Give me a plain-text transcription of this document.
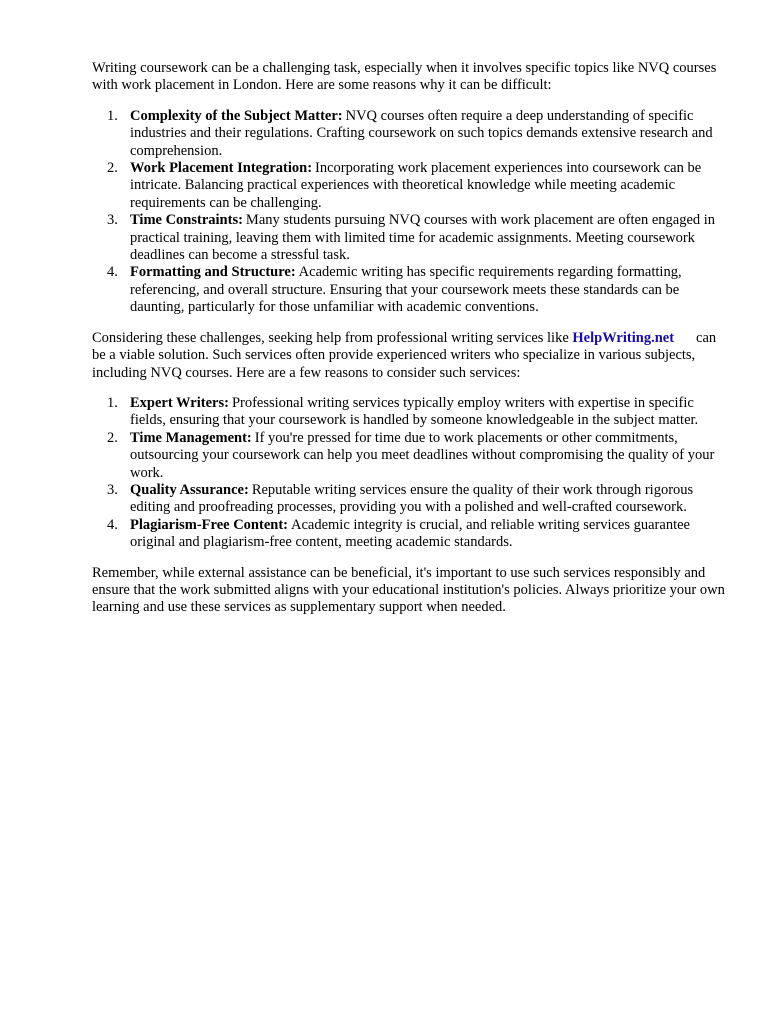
Writing coursework can be a challenging task, especially when it involves specific topics like NVQ courses with work placement in London. Here are some reasons why it can be difficult:

1. Complexity of the Subject Matter: NVQ courses often require a deep understanding of specific industries and their regulations. Crafting coursework on such topics demands extensive research and comprehension.
2. Work Placement Integration: Incorporating work placement experiences into coursework can be intricate. Balancing practical experiences with theoretical knowledge while meeting academic requirements can be challenging.
3. Time Constraints: Many students pursuing NVQ courses with work placement are often engaged in practical training, leaving them with limited time for academic assignments. Meeting coursework deadlines can become a stressful task.
4. Formatting and Structure: Academic writing has specific requirements regarding formatting, referencing, and overall structure. Ensuring that your coursework meets these standards can be daunting, particularly for those unfamiliar with academic conventions.

Considering these challenges, seeking help from professional writing services like HelpWriting.net can be a viable solution. Such services often provide experienced writers who specialize in various subjects, including NVQ courses. Here are a few reasons to consider such services:

1. Expert Writers: Professional writing services typically employ writers with expertise in specific fields, ensuring that your coursework is handled by someone knowledgeable in the subject matter.
2. Time Management: If you're pressed for time due to work placements or other commitments, outsourcing your coursework can help you meet deadlines without compromising the quality of your work.
3. Quality Assurance: Reputable writing services ensure the quality of their work through rigorous editing and proofreading processes, providing you with a polished and well-crafted coursework.
4. Plagiarism-Free Content: Academic integrity is crucial, and reliable writing services guarantee original and plagiarism-free content, meeting academic standards.

Remember, while external assistance can be beneficial, it's important to use such services responsibly and ensure that the work submitted aligns with your educational institution's policies. Always prioritize your own learning and use these services as supplementary support when needed.
